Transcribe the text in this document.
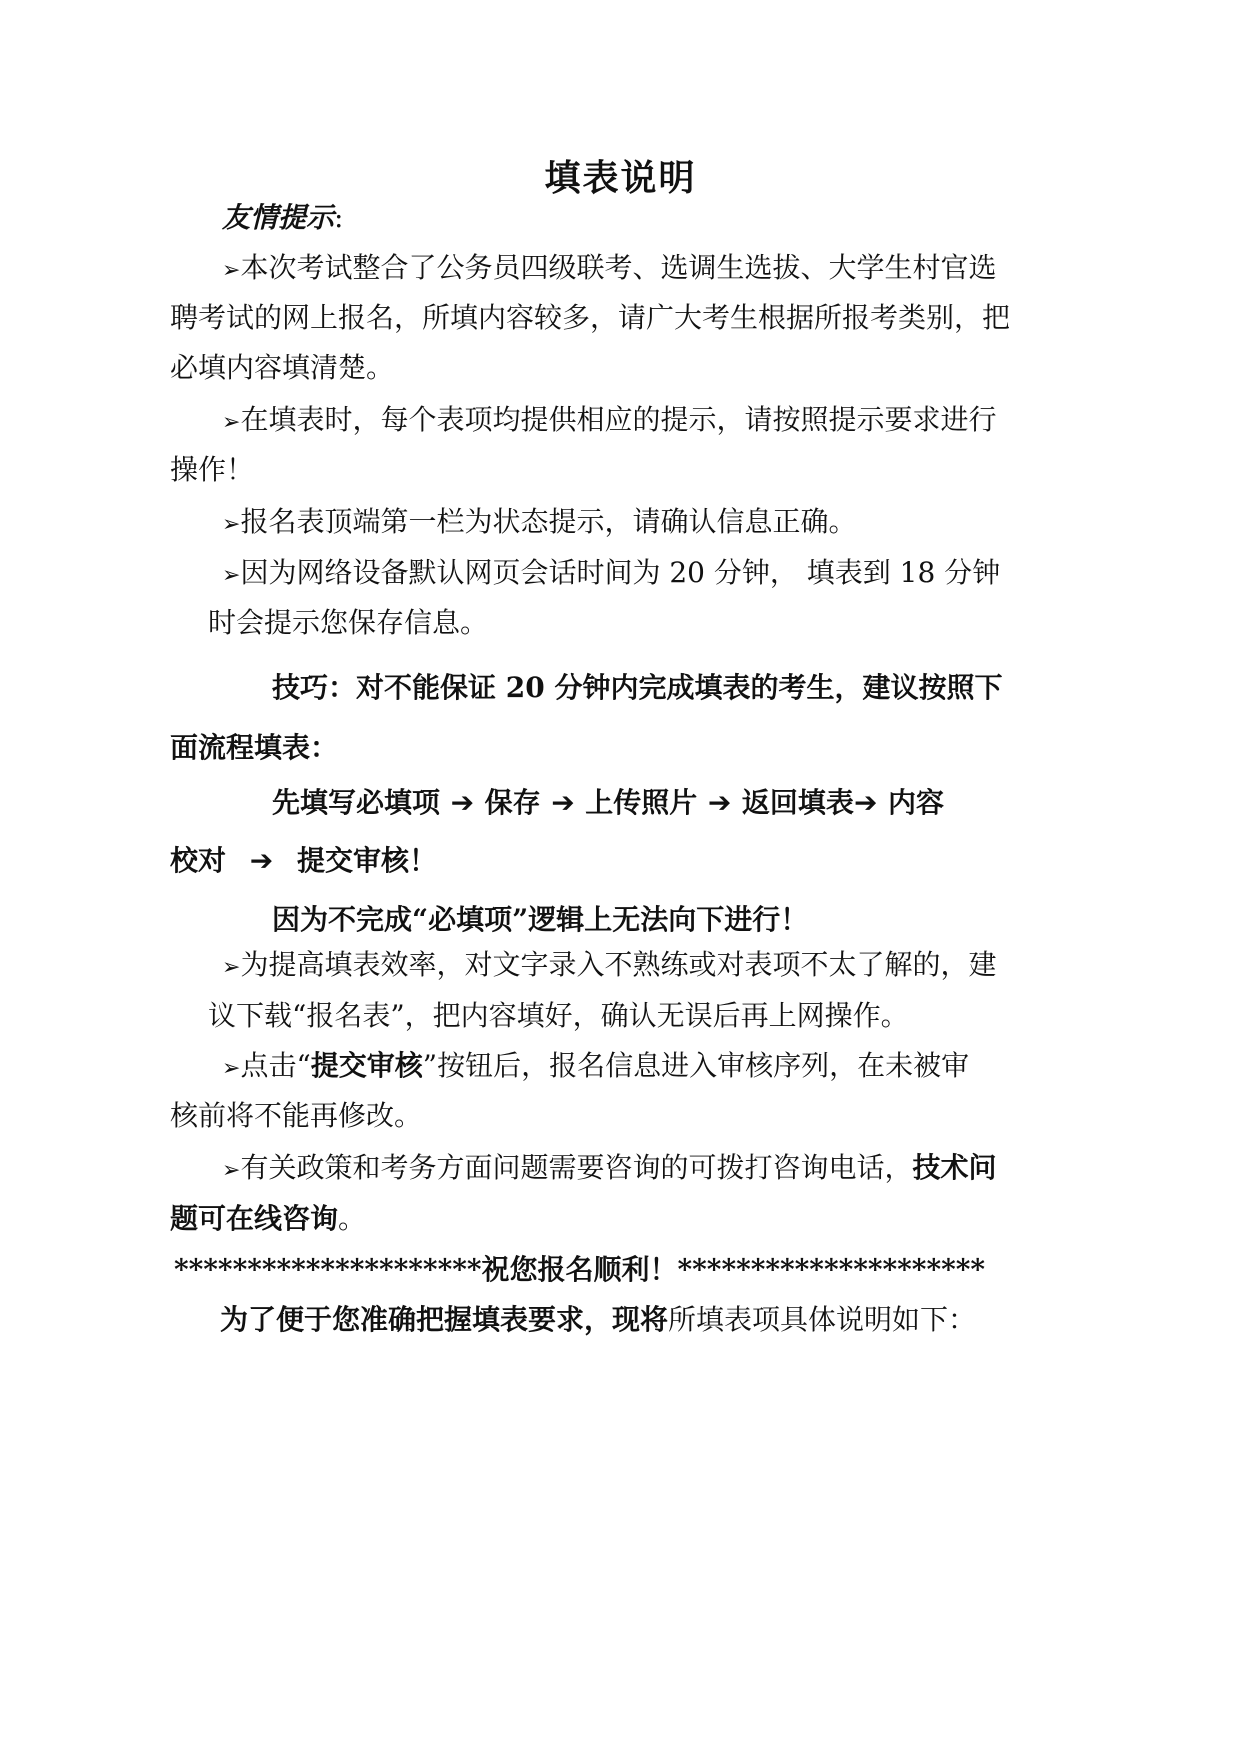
填表说明
友情提示:
➢本次考试整合了公务员四级联考、选调生选拔、大学生村官选
聘考试的网上报名，所填内容较多，请广大考生根据所报考类别，把
必填内容填清楚。
➢在填表时，每个表项均提供相应的提示，请按照提示要求进行
操作！
➢报名表顶端第一栏为状态提示，请确认信息正确。
➢因为网络设备默认网页会话时间为 20 分钟， 填表到 18 分钟
时会提示您保存信息。
技巧：对不能保证 20 分钟内完成填表的考生，建议按照下
面流程填表：
先填写必填项 ➔ 保存 ➔ 上传照片 ➔ 返回填表➔ 内容
校对 ➔ 提交审核！
因为不完成“必填项”逻辑上无法向下进行！
➢为提高填表效率，对文字录入不熟练或对表项不太了解的，建
议下载“报名表”，把内容填好，确认无误后再上网操作。
➢点击“提交审核”按钮后，报名信息进入审核序列，在未被审
核前将不能再修改。
➢有关政策和考务方面问题需要咨询的可拨打咨询电话，技术问
题可在线咨询。
*********************祝您报名顺利！*********************
为了便于您准确把握填表要求，现将所填表项具体说明如下：
